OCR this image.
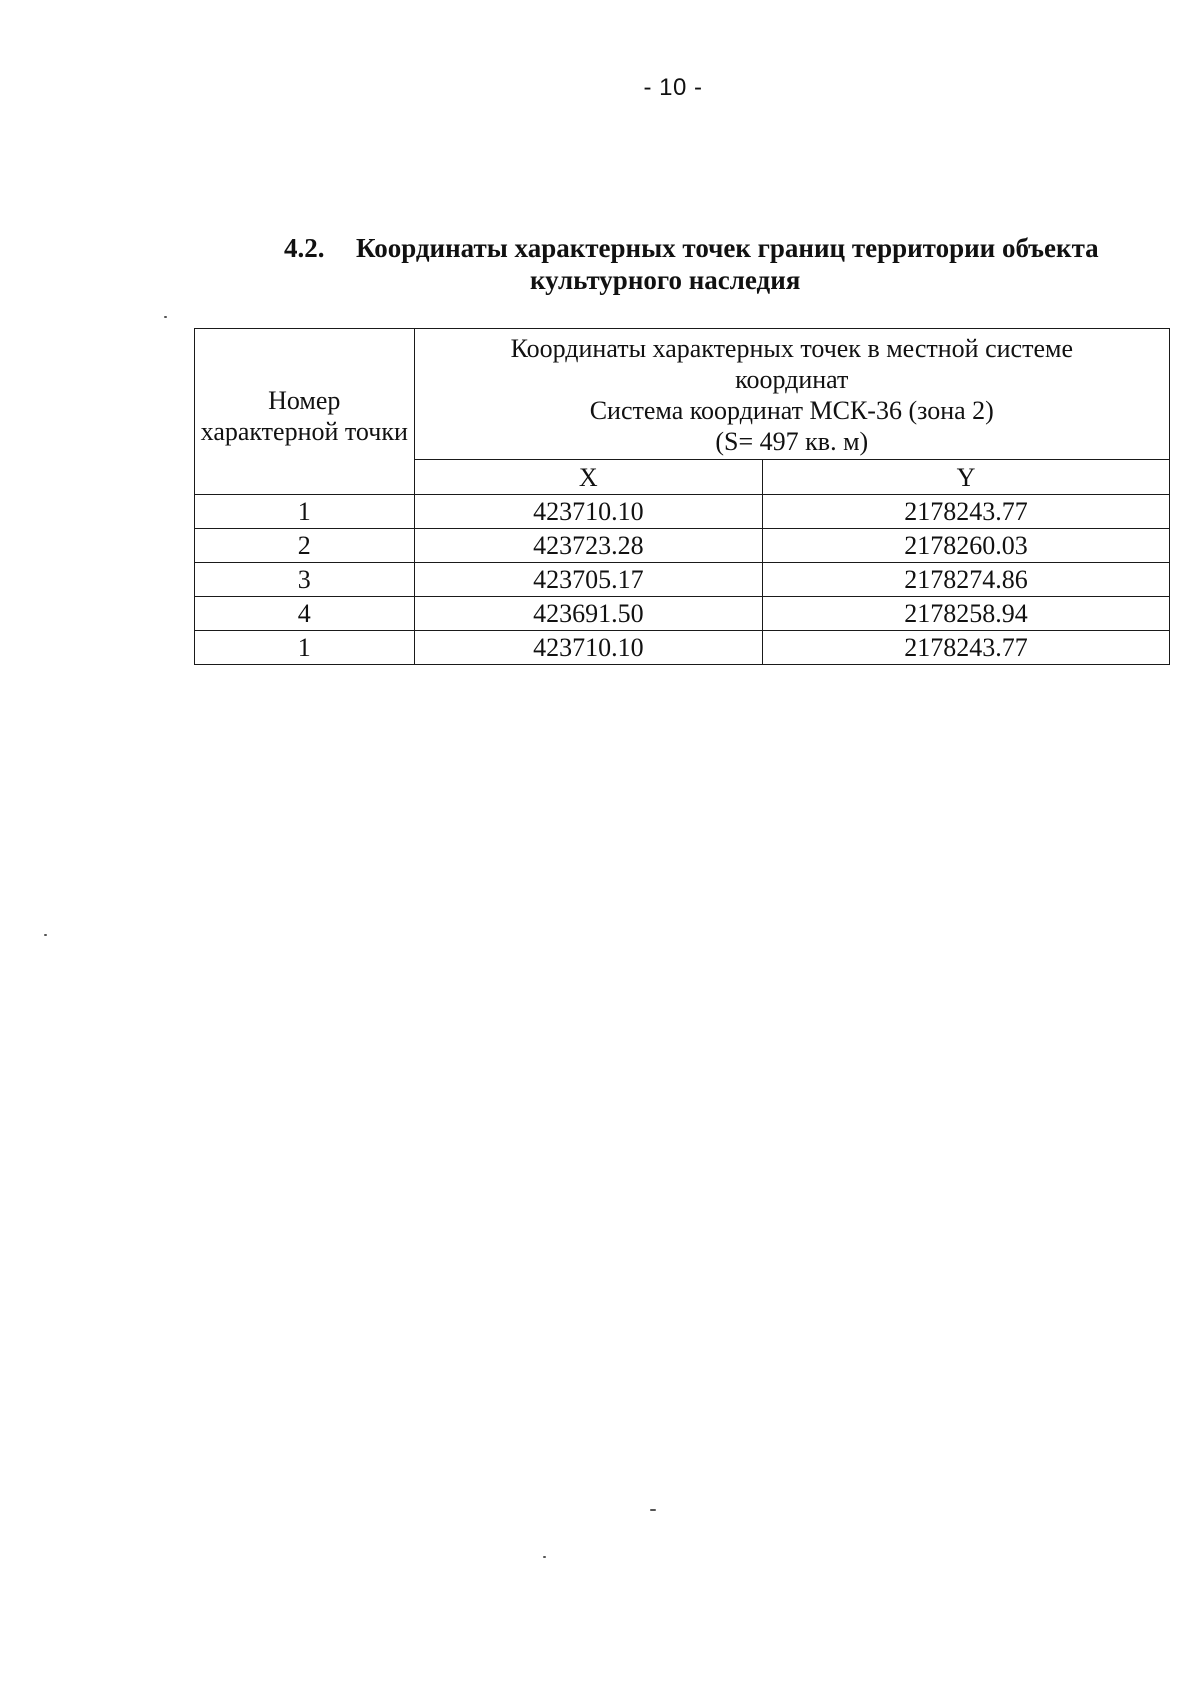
- 10 -
4.2. Координаты характерных точек границ территории объекта
культурного наследия
Номер характерной точки	Координаты характерных точек в местной системе
координат
Система координат МСК-36 (зона 2)
(S= 497 кв. м)	

	X	Y
1	423710.10	2178243.77
2	423723.28	2178260.03
3	423705.17	2178274.86
4	423691.50	2178258.94
1	423710.10	2178243.77
